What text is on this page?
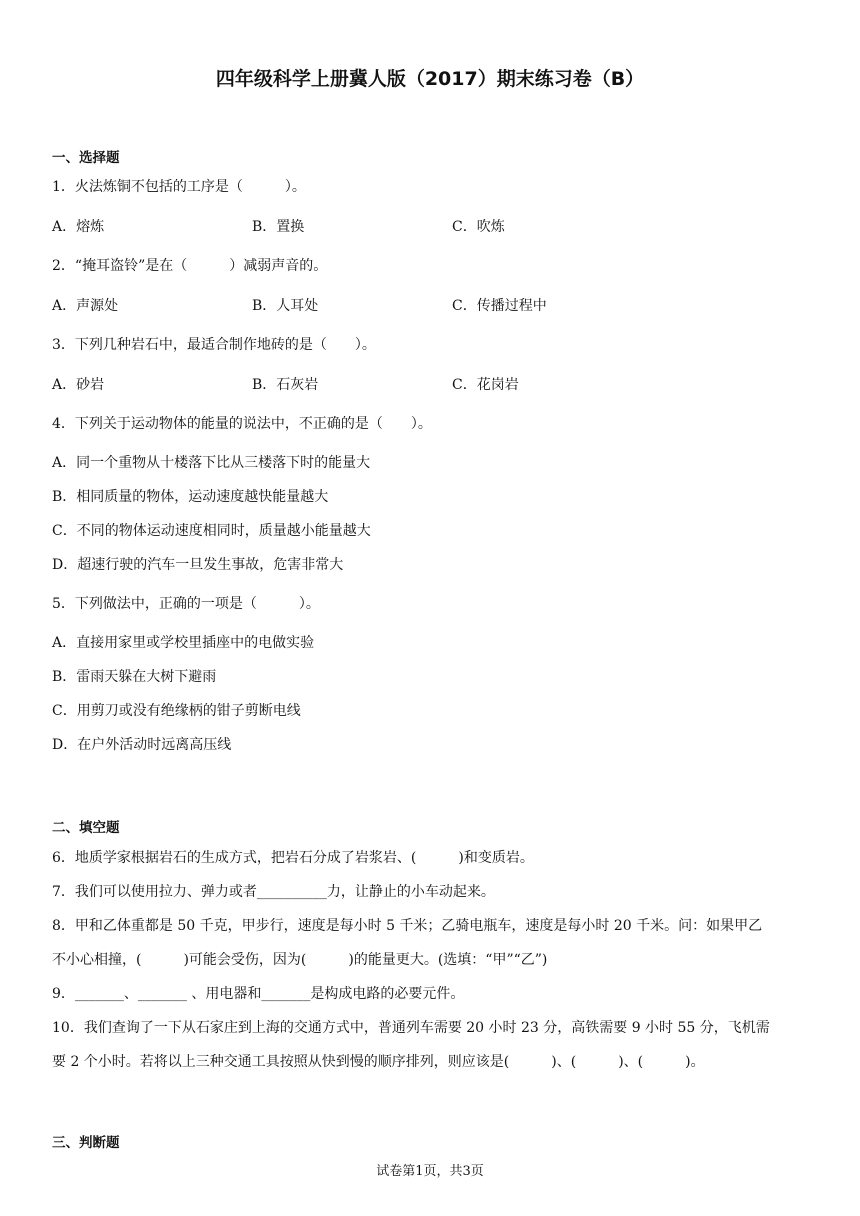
四年级科学上册冀人版（2017）期末练习卷（B）
一、选择题
1．火法炼铜不包括的工序是（　　　）。
A．熔炼	B．置换	C．吹炼
2．“掩耳盗铃”是在（　　　）减弱声音的。
A．声源处	B．人耳处	C．传播过程中
3．下列几种岩石中，最适合制作地砖的是（　　）。
A．砂岩	B．石灰岩	C．花岗岩
4．下列关于运动物体的能量的说法中，不正确的是（　　）。
A．同一个重物从十楼落下比从三楼落下时的能量大
B．相同质量的物体，运动速度越快能量越大
C．不同的物体运动速度相同时，质量越小能量越大
D．超速行驶的汽车一旦发生事故，危害非常大
5．下列做法中，正确的一项是（　　　）。
A．直接用家里或学校里插座中的电做实验
B．雷雨天躲在大树下避雨
C．用剪刀或没有绝缘柄的钳子剪断电线
D．在户外活动时远离高压线
二、填空题
6．地质学家根据岩石的生成方式，把岩石分成了岩浆岩、(　　　)和变质岩。
7．我们可以使用拉力、弹力或者__________力，让静止的小车动起来。
8．甲和乙体重都是 50 千克，甲步行，速度是每小时 5 千米；乙骑电瓶车，速度是每小时 20 千米。问：如果甲乙
不小心相撞，(　　　)可能会受伤，因为(　　　)的能量更大。(选填：“甲”“乙”)
9．_______、_______ 、用电器和_______是构成电路的必要元件。
10．我们查询了一下从石家庄到上海的交通方式中，普通列车需要 20 小时 23 分，高铁需要 9 小时 55 分，飞机需
要 2 个小时。若将以上三种交通工具按照从快到慢的顺序排列，则应该是(　　　)、(　　　)、(　　　)。
三、判断题
试卷第1页，共3页
